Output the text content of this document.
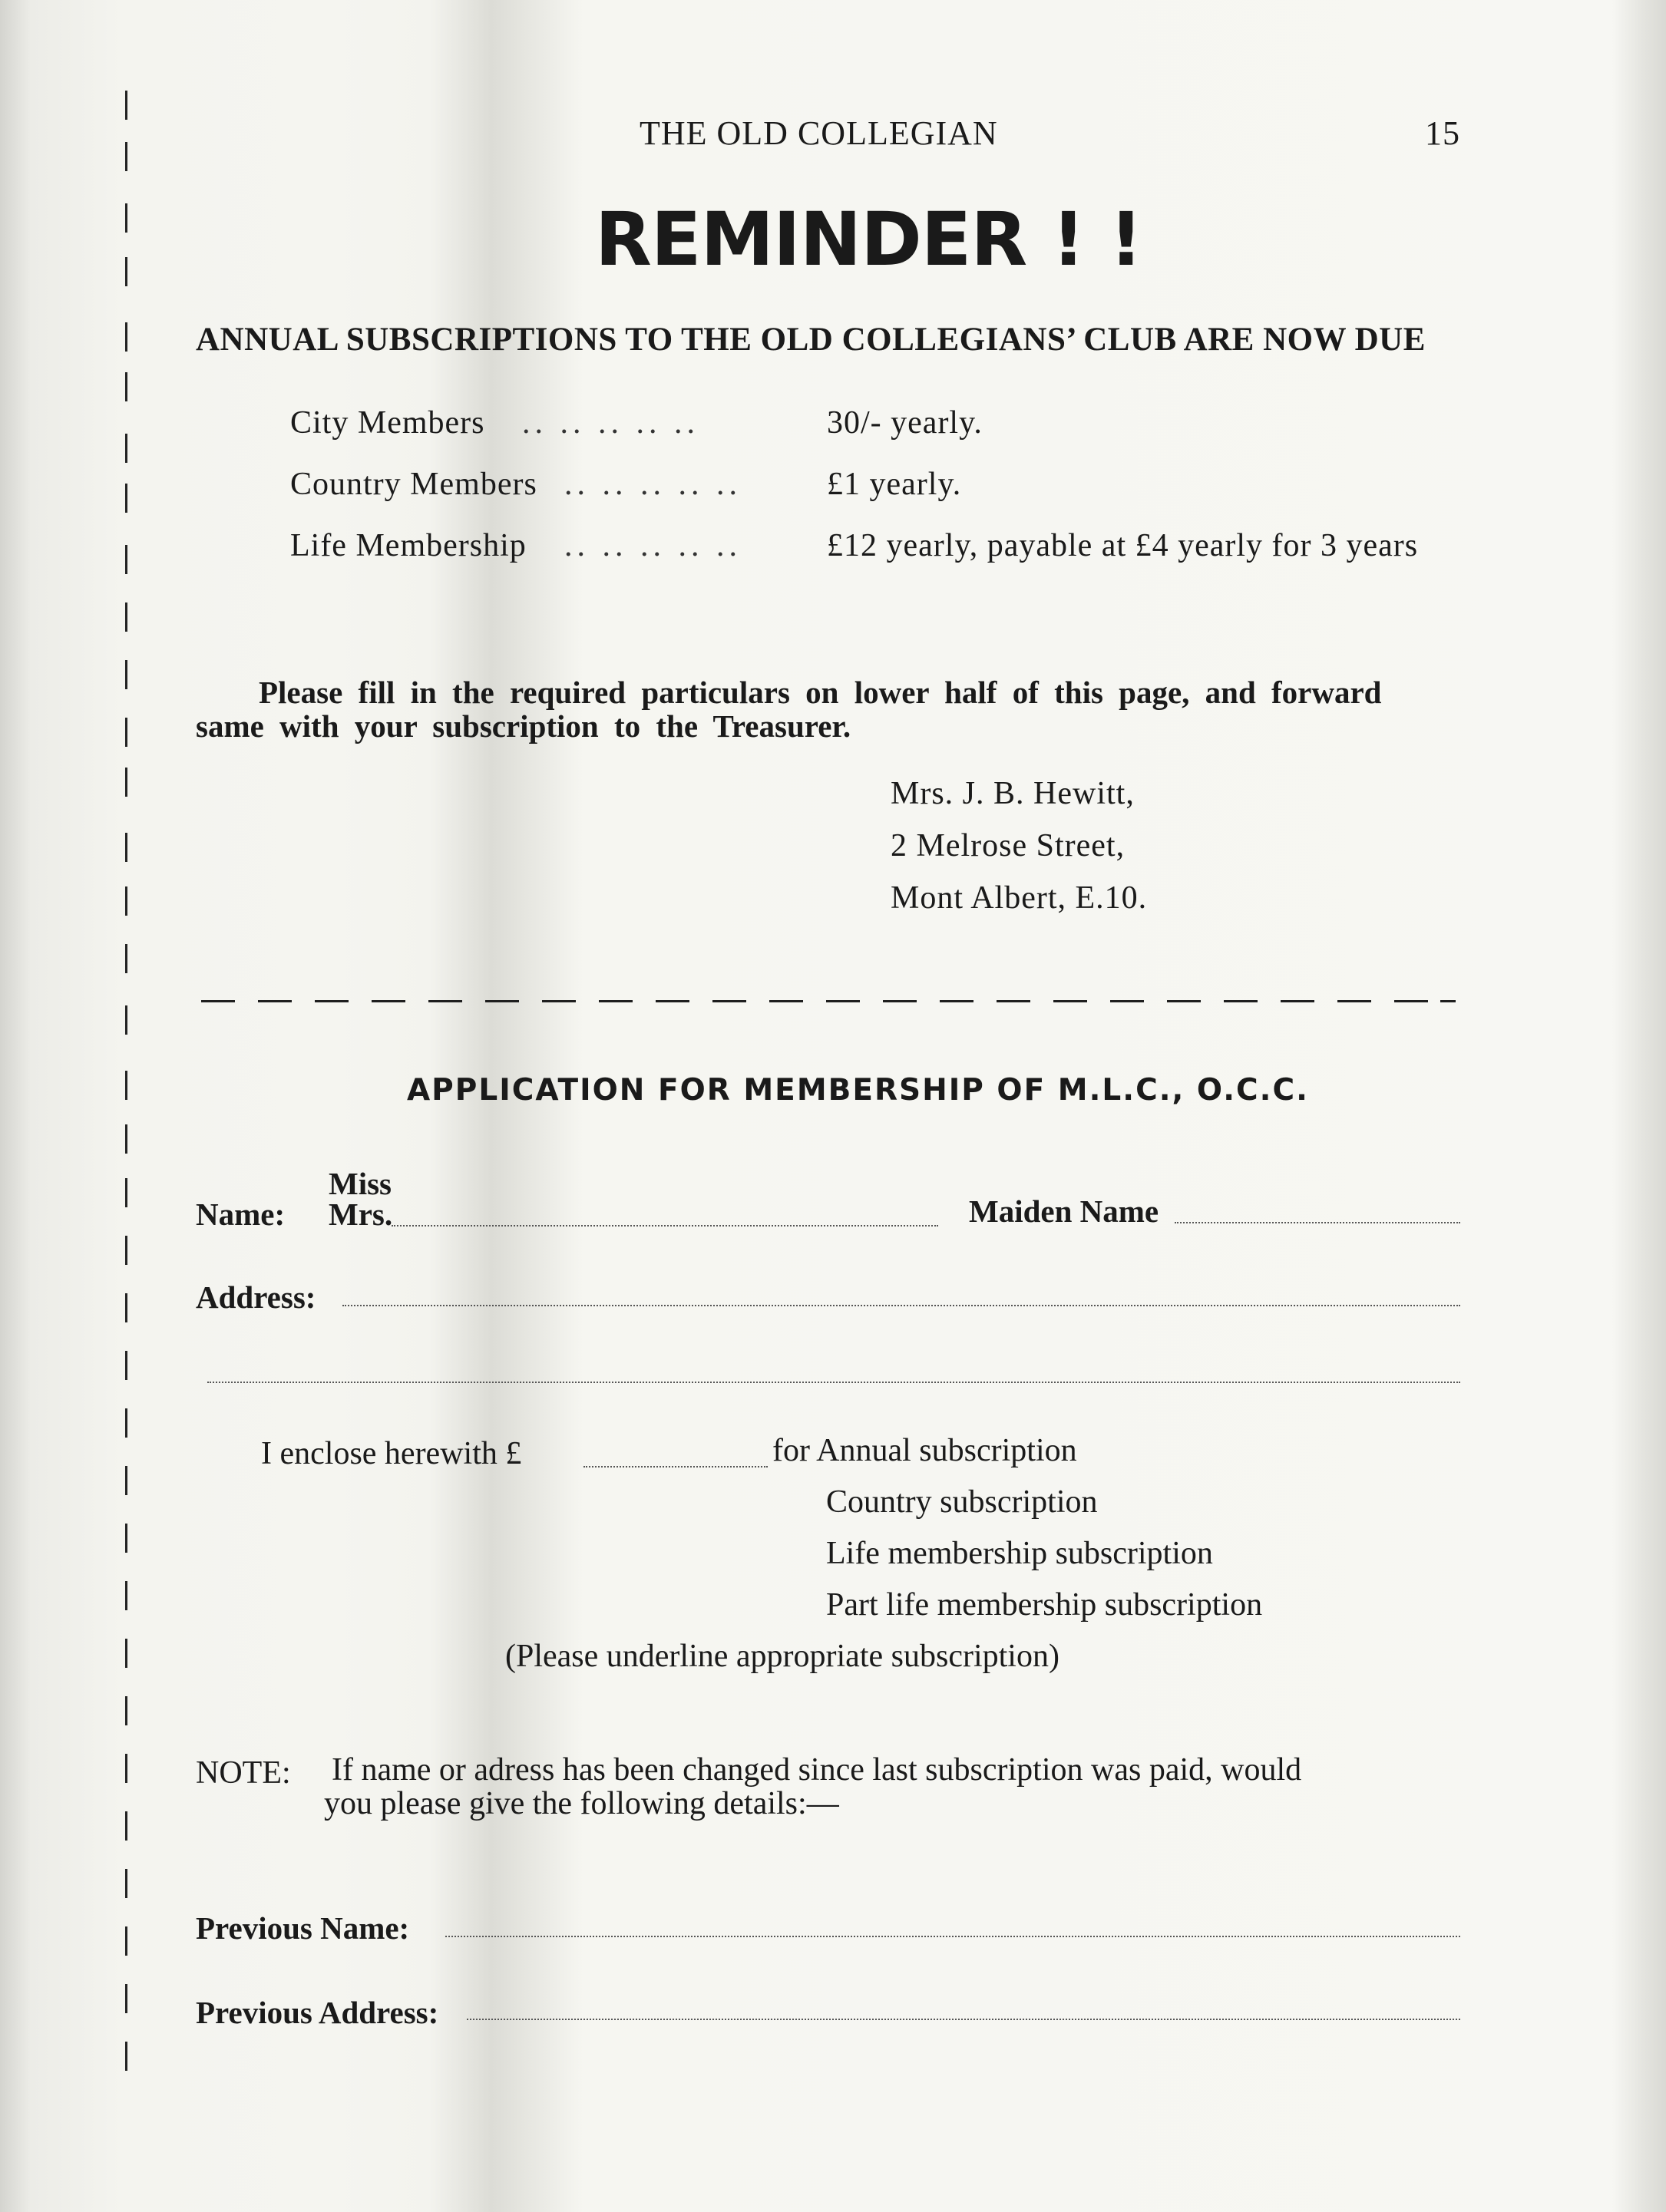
THE OLD COLLEGIAN	15
REMINDER ! !
ANNUAL SUBSCRIPTIONS TO THE OLD COLLEGIANS’ CLUB ARE NOW DUE
City Members .. .. .. .. ..	30/- yearly.
Country Members .. .. .. .. ..	£1 yearly.
Life Membership .. .. .. .. ..	£12 yearly, payable at £4 yearly for 3 years
Please fill in the required particulars on lower half of this page, and forward
same with your subscription to the Treasurer.
Mrs. J. B. Hewitt,
2 Melrose Street,
Mont Albert, E.10.
APPLICATION FOR MEMBERSHIP OF M.L.C., O.C.C.
Miss
Name: Mrs.	Maiden Name
Address:
I enclose herewith £	for Annual subscription
Country subscription
Life membership subscription
Part life membership subscription
(Please underline appropriate subscription)
NOTE: If name or adress has been changed since last subscription was paid, would
you please give the following details:—
Previous Name:
Previous Address:
